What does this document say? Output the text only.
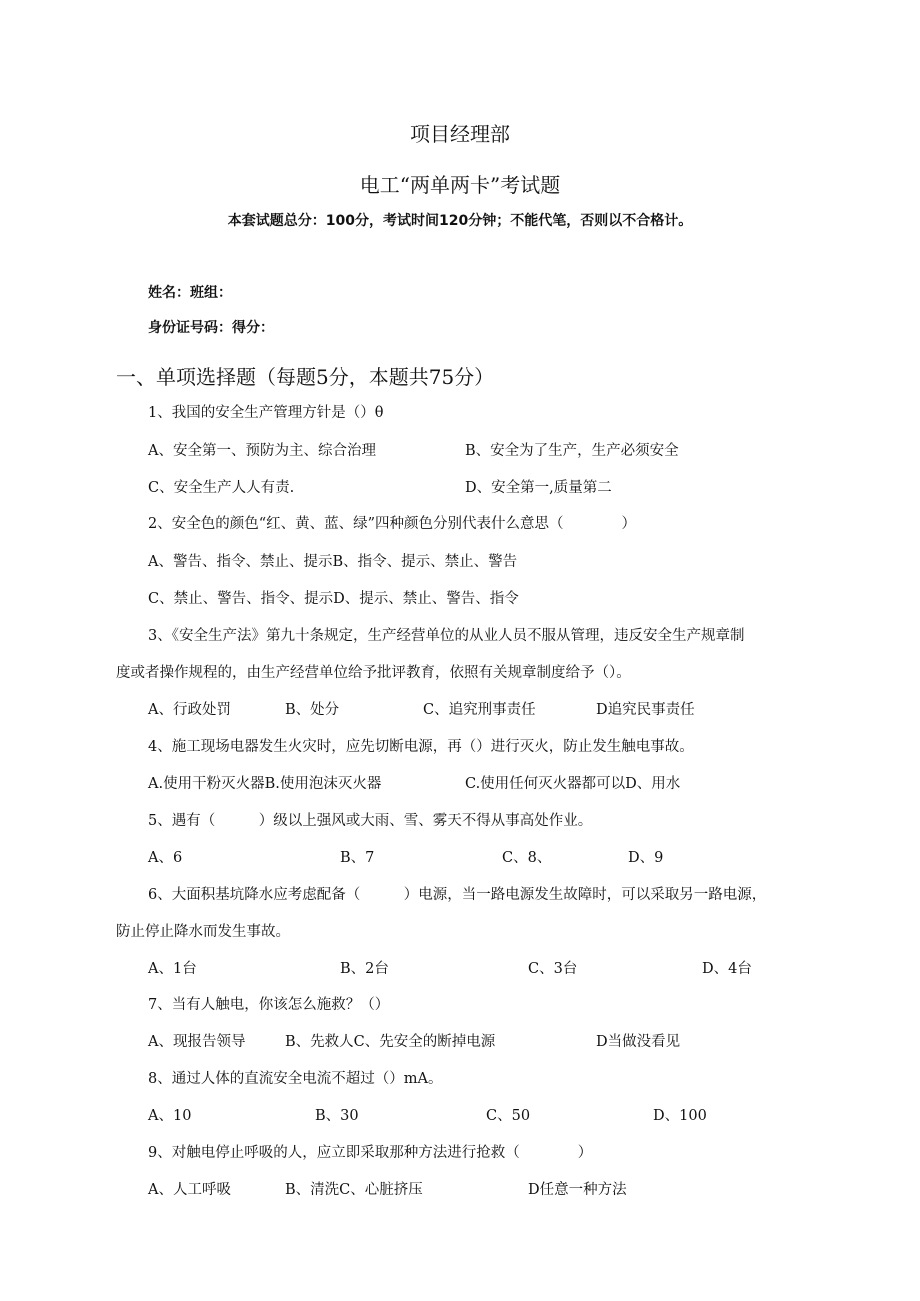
项目经理部
电工“两单两卡”考试题
本套试题总分：100分，考试时间120分钟；不能代笔，否则以不合格计。
姓名：班组：
身份证号码：得分：
一、单项选择题（每题5分，本题共75分）
1、我国的安全生产管理方针是（）θ
A、安全第一、预防为主、综合治理	B、安全为了生产，生产必须安全
C、安全生产人人有责.	D、安全第一,质量第二
2、安全色的颜色“红、黄、蓝、绿”四种颜色分别代表什么意思（　　　　）
A、警告、指令、禁止、提示B、指令、提示、禁止、警告
C、禁止、警告、指令、提示D、提示、禁止、警告、指令
3、《安全生产法》第九十条规定，生产经营单位的从业人员不服从管理，违反安全生产规章制
度或者操作规程的，由生产经营单位给予批评教育，依照有关规章制度给予（）。
A、行政处罚	B、处分	C、追究刑事责任	D追究民事责任
4、施工现场电器发生火灾时，应先切断电源，再（）进行灭火，防止发生触电事故。
A.使用干粉灭火器B.使用泡沫灭火器	C.使用任何灭火器都可以D、用水
5、遇有（　　　）级以上强风或大雨、雪、雾天不得从事高处作业。
A、6	B、7	C、8、	D、9
6、大面积基坑降水应考虑配备（　　　）电源，当一路电源发生故障时，可以采取另一路电源，
防止停止降水而发生事故。
A、1台	B、2台	C、3台	D、4台
7、当有人触电，你该怎么施救？（）
A、现报告领导	B、先救人C、先安全的断掉电源	D当做没看见
8、通过人体的直流安全电流不超过（）mA。
A、10	B、30	C、50	D、100
9、对触电停止呼吸的人，应立即采取那种方法进行抢救（　　　　）
A、人工呼吸	B、清洗C、心脏挤压	D任意一种方法
